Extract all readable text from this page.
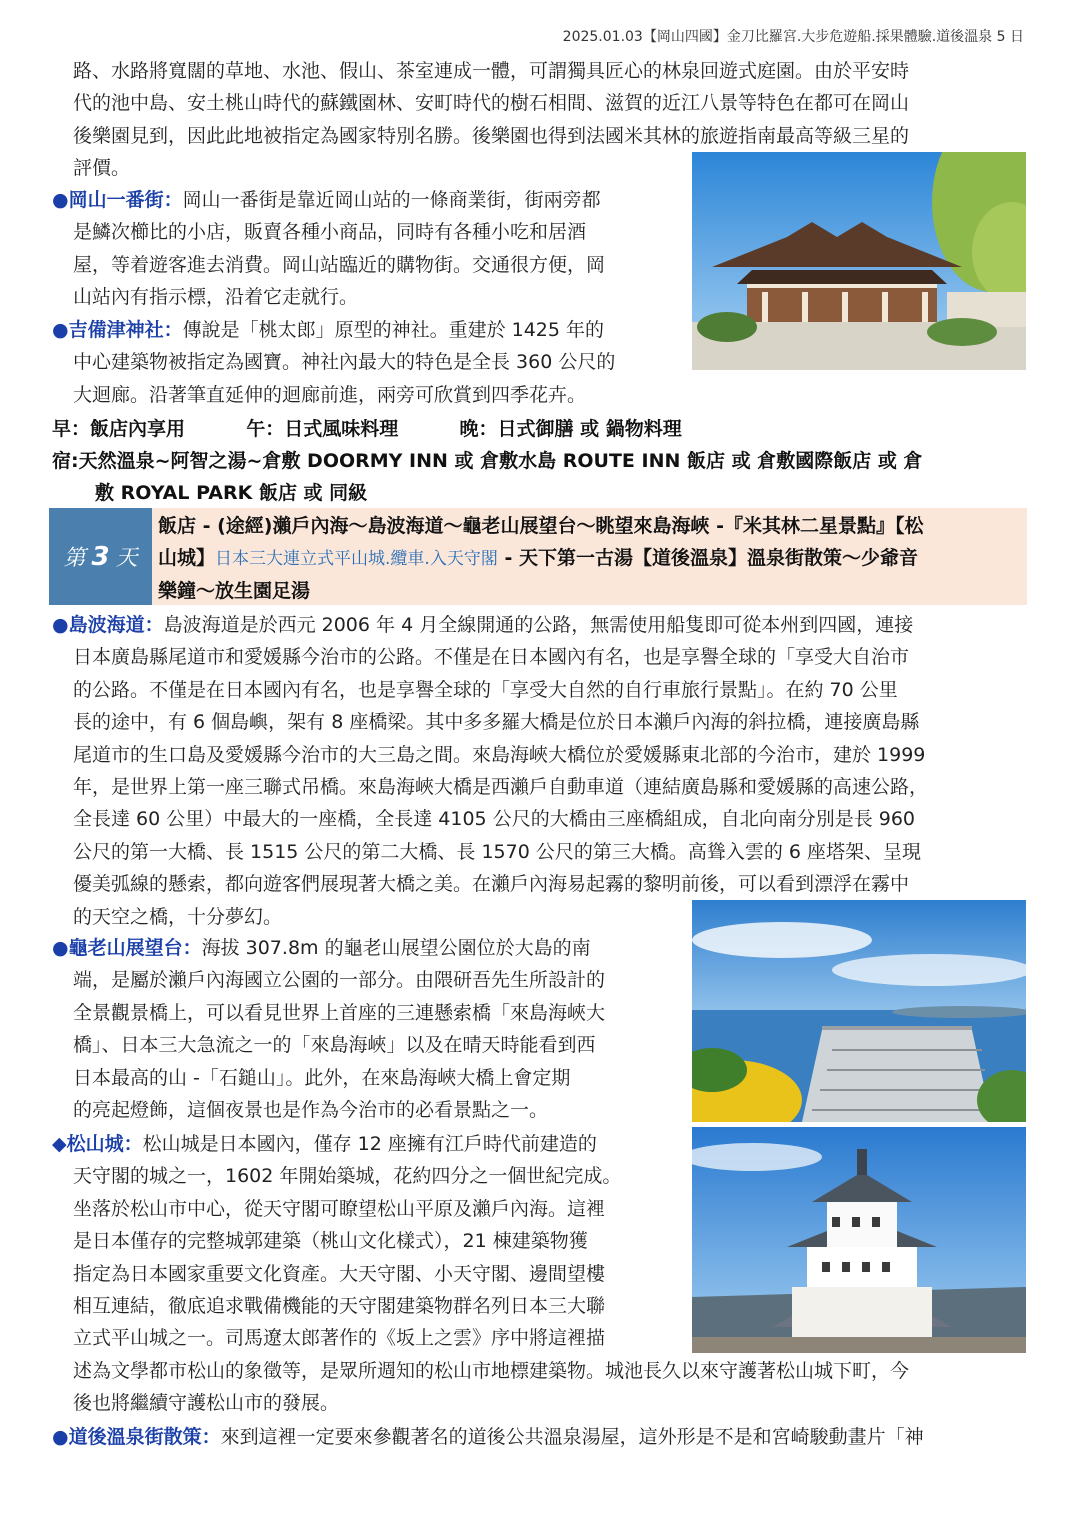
2025.01.03【岡山四國】金刀比羅宮.大步危遊船.採果體驗.道後溫泉 5 日
路、水路將寬闊的草地、水池、假山、茶室連成一體，可謂獨具匠心的林泉回遊式庭園。由於平安時
代的池中島、安土桃山時代的蘇鐵園林、安町時代的樹石相間、滋賀的近江八景等特色在都可在岡山
後樂園見到，因此此地被指定為國家特別名勝。後樂園也得到法國米其林的旅遊指南最高等級三星的
評價。
●岡山一番街：岡山一番街是靠近岡山站的一條商業街，街兩旁都
是鱗次櫛比的小店，販賣各種小商品，同時有各種小吃和居酒
屋，等着遊客進去消費。岡山站臨近的購物街。交通很方便，岡
山站內有指示標，沿着它走就行。
●吉備津神社：傳說是「桃太郎」原型的神社。重建於 1425 年的
中心建築物被指定為國寶。神社內最大的特色是全長 360 公尺的
大迴廊。沿著筆直延伸的迴廊前進，兩旁可欣賞到四季花卉。
早：飯店內享用	午：日式風味料理	晚：日式御膳 或 鍋物料理
宿:天然溫泉~阿智之湯~倉敷 DOORMY INN 或 倉敷水島 ROUTE INN 飯店 或 倉敷國際飯店 或 倉
敷 ROYAL PARK 飯店 或 同級
第 3 天
飯店 - (途經)瀨戶內海～島波海道～龜老山展望台～眺望來島海峽 -『米其林二星景點』【松
山城】日本三大連立式平山城.纜車.入天守閣 - 天下第一古湯【道後溫泉】溫泉街散策～少爺音
樂鐘～放生園足湯
●島波海道：島波海道是於西元 2006 年 4 月全線開通的公路，無需使用船隻即可從本州到四國，連接
日本廣島縣尾道市和愛媛縣今治市的公路。不僅是在日本國內有名，也是享譽全球的「享受大自治市
的公路。不僅是在日本國內有名，也是享譽全球的「享受大自然的自行車旅行景點」。在約 70 公里
長的途中，有 6 個島嶼，架有 8 座橋梁。其中多多羅大橋是位於日本瀨戶內海的斜拉橋，連接廣島縣
尾道市的生口島及愛媛縣今治市的大三島之間。來島海峽大橋位於愛媛縣東北部的今治市，建於 1999
年，是世界上第一座三聯式吊橋。來島海峽大橋是西瀨戶自動車道（連結廣島縣和愛媛縣的高速公路，
全長達 60 公里）中最大的一座橋，全長達 4105 公尺的大橋由三座橋組成，自北向南分別是長 960
公尺的第一大橋、長 1515 公尺的第二大橋、長 1570 公尺的第三大橋。高聳入雲的 6 座塔架、呈現
優美弧線的懸索，都向遊客們展現著大橋之美。在瀨戶內海易起霧的黎明前後，可以看到漂浮在霧中
的天空之橋，十分夢幻。
●龜老山展望台：海拔 307.8m 的龜老山展望公園位於大島的南
端，是屬於瀨戶內海國立公園的一部分。由隈研吾先生所設計的
全景觀景橋上，可以看見世界上首座的三連懸索橋「來島海峽大
橋」、日本三大急流之一的「來島海峽」以及在晴天時能看到西
日本最高的山 -「石鎚山」。此外，在來島海峽大橋上會定期
的亮起燈飾，這個夜景也是作為今治市的必看景點之一。
◆松山城：松山城是日本國內，僅存 12 座擁有江戶時代前建造的
天守閣的城之一，1602 年開始築城，花約四分之一個世紀完成。
坐落於松山市中心，從天守閣可瞭望松山平原及瀨戶內海。這裡
是日本僅存的完整城郭建築（桃山文化樣式），21 棟建築物獲
指定為日本國家重要文化資產。大天守閣、小天守閣、邊間望樓
相互連結，徹底追求戰備機能的天守閣建築物群名列日本三大聯
立式平山城之一。司馬遼太郎著作的《坂上之雲》序中將這裡描
述為文學都市松山的象徵等，是眾所週知的松山市地標建築物。城池長久以來守護著松山城下町，今
後也將繼續守護松山市的發展。
●道後溫泉街散策：來到這裡一定要來參觀著名的道後公共溫泉湯屋，這外形是不是和宮崎駿動畫片「神
